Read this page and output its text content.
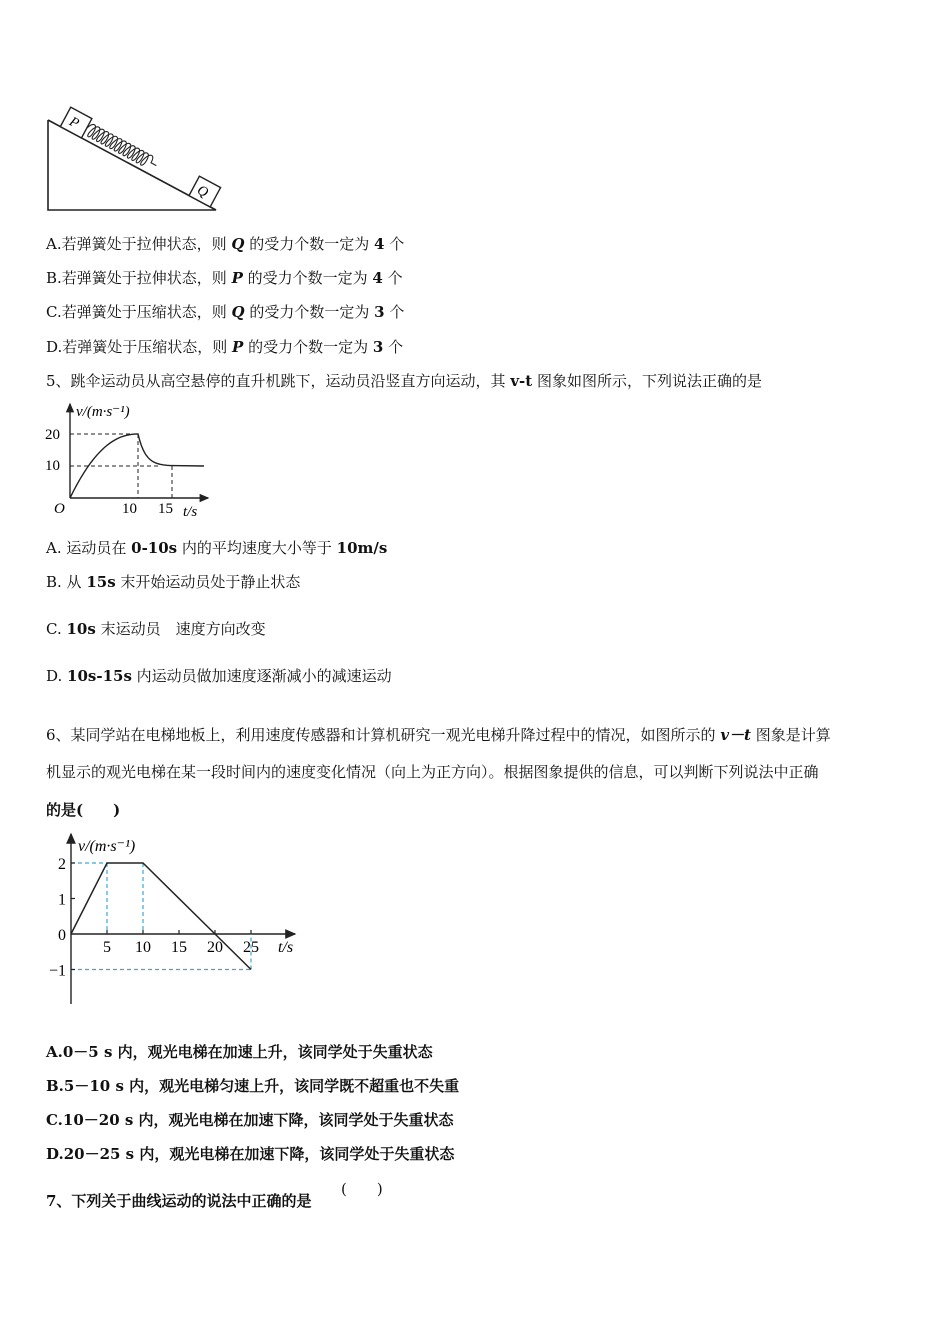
P
Q
A.若弹簧处于拉伸状态，则 Q 的受力个数一定为 4 个
B.若弹簧处于拉伸状态，则 P 的受力个数一定为 4 个
C.若弹簧处于压缩状态，则 Q 的受力个数一定为 3 个
D.若弹簧处于压缩状态，则 P 的受力个数一定为 3 个
5、跳伞运动员从高空悬停的直升机跳下，运动员沿竖直方向运动，其 v-t 图象如图所示，下列说法正确的是
v/(m·s⁻¹)
O	t/s
20
10
10 15
A. 运动员在 0-10s 内的平均速度大小等于 10m/s
B. 从 15s 末开始运动员处于静止状态
C. 10s 末运动员　速度方向改变
D. 10s-15s 内运动员做加速度逐渐减小的减速运动
6、某同学站在电梯地板上，利用速度传感器和计算机研究一观光电梯升降过程中的情况，如图所示的 v－t 图象是计算
机显示的观光电梯在某一段时间内的速度变化情况（向上为正方向）。根据图象提供的信息，可以判断下列说法中正确
的是(　　)
v/(m·s⁻¹)
t/s
5 10 15 20 25
2
1
0
−1
A.0－5 s 内，观光电梯在加速上升，该同学处于失重状态
B.5－10 s 内，观光电梯匀速上升，该同学既不超重也不失重
C.10－20 s 内，观光电梯在加速下降，该同学处于失重状态
D.20－25 s 内，观光电梯在加速下降，该同学处于失重状态
7、下列关于曲线运动的说法中正确的是
(　　)
